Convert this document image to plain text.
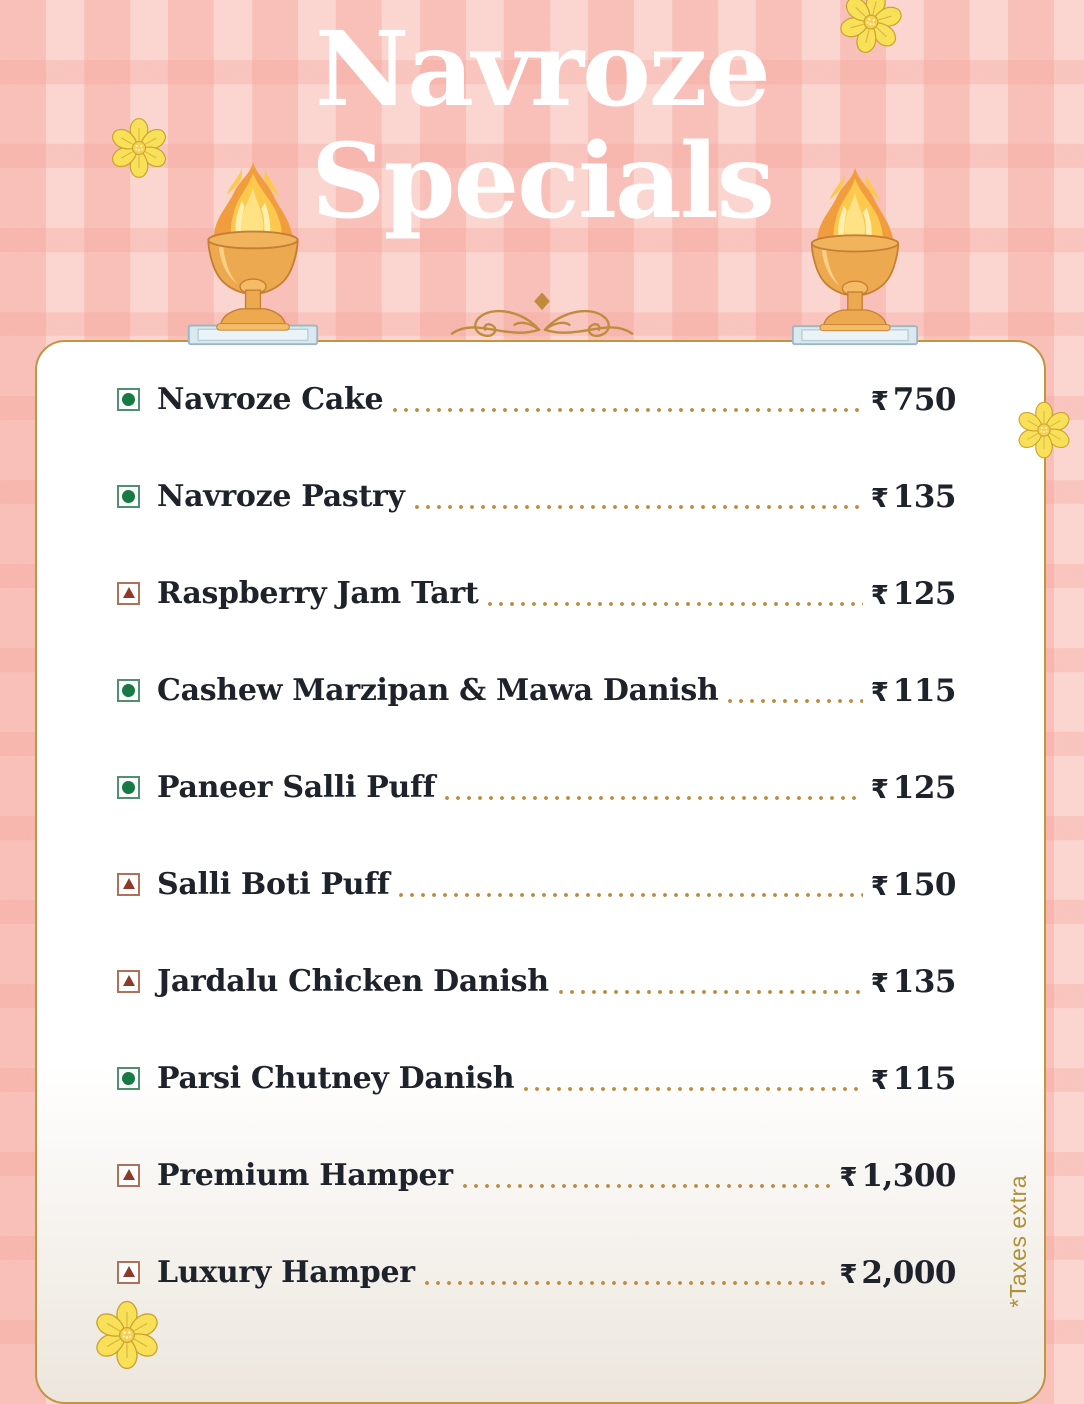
Navroze
Specials
Navroze Cake	₹ 750
Navroze Pastry	₹ 135
Raspberry Jam Tart	₹ 125
Cashew Marzipan & Mawa Danish	₹ 115
Paneer Salli Puff	₹ 125
Salli Boti Puff	₹ 150
Jardalu Chicken Danish	₹ 135
Parsi Chutney Danish	₹ 115
Premium Hamper	₹ 1,300
Luxury Hamper	₹ 2,000 *Taxes extra
